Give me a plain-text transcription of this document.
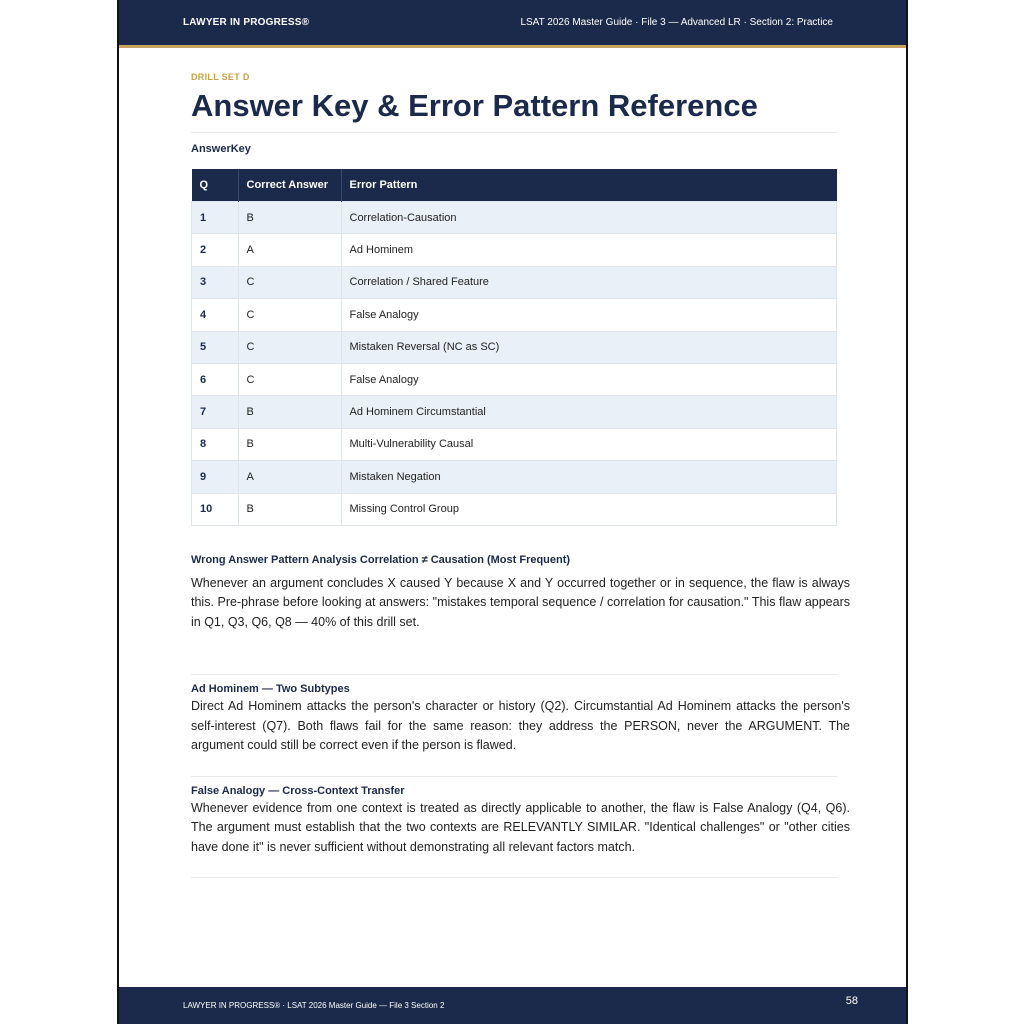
LAWYER IN PROGRESS®	LSAT 2026 Master Guide · File 3 — Advanced LR · Section 2: Practice
DRILL SET D
Answer Key & Error Pattern Reference
AnswerKey
Q	Correct Answer	Error Pattern
1	B	Correlation-Causation
2	A	Ad Hominem
3	C	Correlation / Shared Feature
4	C	False Analogy
5	C	Mistaken Reversal (NC as SC)
6	C	False Analogy
7	B	Ad Hominem Circumstantial
8	B	Multi-Vulnerability Causal
9	A	Mistaken Negation
10	B	Missing Control Group
Wrong Answer Pattern Analysis Correlation ≠ Causation (Most Frequent)
Whenever an argument concludes X caused Y because X and Y occurred together or in sequence, the flaw is always this. Pre-phrase before looking at answers: "mistakes temporal sequence / correlation for causation." This flaw appears in Q1, Q3, Q6, Q8 — 40% of this drill set.
Ad Hominem — Two Subtypes
Direct Ad Hominem attacks the person's character or history (Q2). Circumstantial Ad Hominem attacks the person's self-interest (Q7). Both flaws fail for the same reason: they address the PERSON, never the ARGUMENT. The argument could still be correct even if the person is flawed.
False Analogy — Cross-Context Transfer
Whenever evidence from one context is treated as directly applicable to another, the flaw is False Analogy (Q4, Q6). The argument must establish that the two contexts are RELEVANTLY SIMILAR. "Identical challenges" or "other cities have done it" is never sufficient without demonstrating all relevant factors match.
LAWYER IN PROGRESS® · LSAT 2026 Master Guide — File 3 Section 2	58
